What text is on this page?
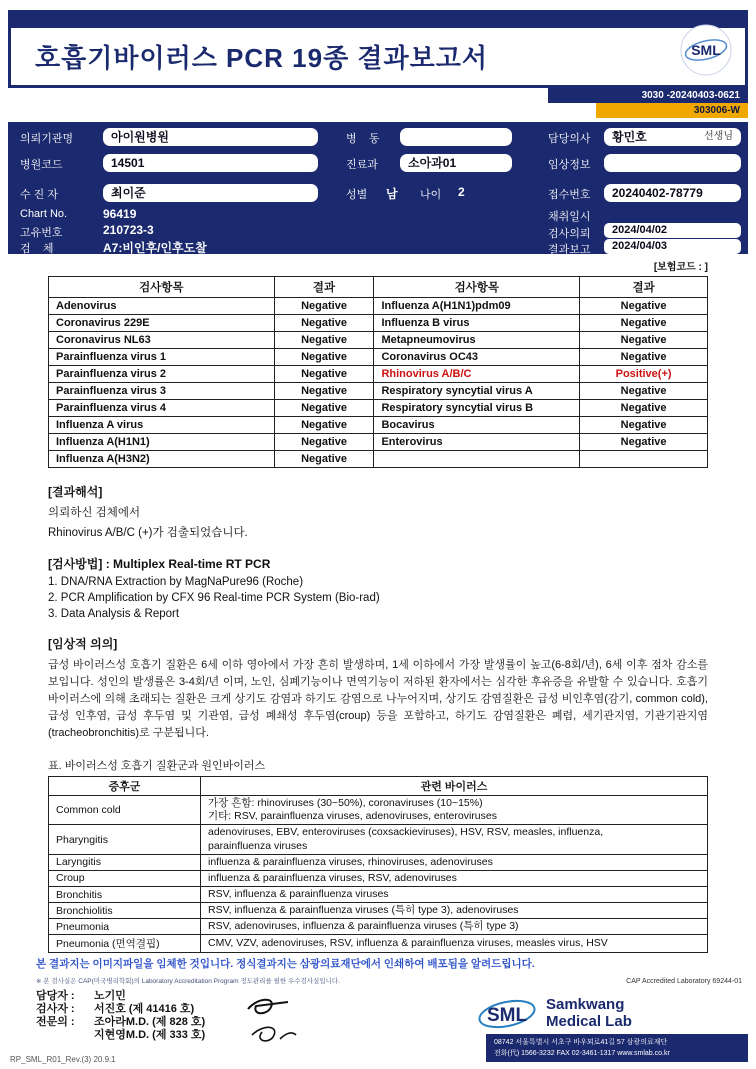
호흡기바이러스 PCR 19종 결과보고서	SML
3030 -20240403-0621
303006-W
의뢰기관명	아이원병원	병    동	담당의사 황민호	선생님
병원코드	14501	진료과	소아과01	임상정보
수 진 자	최이준	성별 남 나이 2	접수번호	20240402-78779
Chart No.	96419	채취일시
고유번호	210723-3	검사의뢰	2024/04/02
검    체	A7:비인후/인후도찰	결과보고	2024/04/03
[보험코드 : ]
검사항목	결과	검사항목	결과
Adenovirus	Negative	Influenza A(H1N1)pdm09	Negative
Coronavirus 229E	Negative	Influenza B virus	Negative
Coronavirus NL63	Negative	Metapneumovirus	Negative
Parainfluenza virus 1	Negative	Coronavirus OC43	Negative
Parainfluenza virus 2	Negative	Rhinovirus A/B/C	Positive(+)
Parainfluenza virus 3	Negative	Respiratory syncytial virus A	Negative
Parainfluenza virus 4	Negative	Respiratory syncytial virus B	Negative
Influenza A virus	Negative	Bocavirus	Negative
Influenza A(H1N1)	Negative	Enterovirus	Negative
Influenza A(H3N2)	Negative		
[결과해석]
의뢰하신 검체에서
Rhinovirus A/B/C (+)가 검출되었습니다.
[검사방법] : Multiplex Real-time RT PCR
1. DNA/RNA Extraction by MagNaPure96 (Roche)
2. PCR Amplification by CFX 96 Real-time PCR System (Bio-rad)
3. Data Analysis & Report
[임상적 의의]
급성 바이러스성 호흡기 질환은 6세 이하 영아에서 가장 흔히 발생하며, 1세 이하에서 가장 발생률이 높고(6-8회/년), 6세 이후 점차 감소를 보입니다. 성인의 발생률은 3-4회/년 이며, 노인, 심폐기능이나 면역기능이 저하된 환자에서는 심각한 후유증을 유발할 수 있습니다. 호흡기 바이러스에 의해 초래되는 질환은 크게 상기도 감염과 하기도 감염으로 나누어지며, 상기도 감염질환은 급성 비인후염(감기, common cold), 급성 인후염, 급성 후두염 및 기관염, 급성 폐쇄성 후두염(croup) 등을 포함하고, 하기도 감염질환은 폐렴, 세기관지염, 기관기관지염(tracheobronchitis)로 구분됩니다.
표. 바이러스성 호흡기 질환군과 원인바이러스
증후군	관련 바이러스
Common cold	가장 흔함: rhinoviruses (30~50%), coronaviruses (10~15%)
기타: RSV, parainfluenza viruses, adenoviruses, enteroviruses

Pharyngitis	adenoviruses, EBV, enteroviruses (coxsackieviruses), HSV, RSV, measles, influenza,
parainfluenza viruses

Laryngitis	influenza & parainfluenza viruses, rhinoviruses, adenoviruses

Croup	influenza & parainfluenza viruses, RSV, adenoviruses

Bronchitis	RSV, influenza & parainfluenza viruses

Bronchiolitis	RSV, influenza & parainfluenza viruses (특히 type 3), adenoviruses

Pneumonia	RSV, adenoviruses, influenza & parainfluenza viruses (특히 type 3)

Pneumonia (면역결핍)	CMV, VZV, adenoviruses, RSV, influenza & parainfluenza viruses, measles virus, HSV
본 결과지는 이미지파일을 임체한 것입니다. 정식결과지는 삼광의료재단에서 인쇄하여 배포됨을 알려드립니다.
※ 본 검사실은 CAP(미국병리학회)의 Laboratory Accreditation Program 정도관리를 필한 우수검사실입니다.	CAP Accredited Laboratory 69244-01
담당자 :	노기민
검사자 :	서진호 (제 41416 호)
전문의 :	조아라M.D. (제 828 호)
지현영M.D. (제 333 호)
SML
Samkwang
Medical Lab
08742 서울특별시 서초구 바우뫼로41길 57 삼광의료재단
전화(代) 1566-3232 FAX 02-3461-1317 www.smlab.co.kr
RP_SML_R01_Rev.(3) 20.9.1
